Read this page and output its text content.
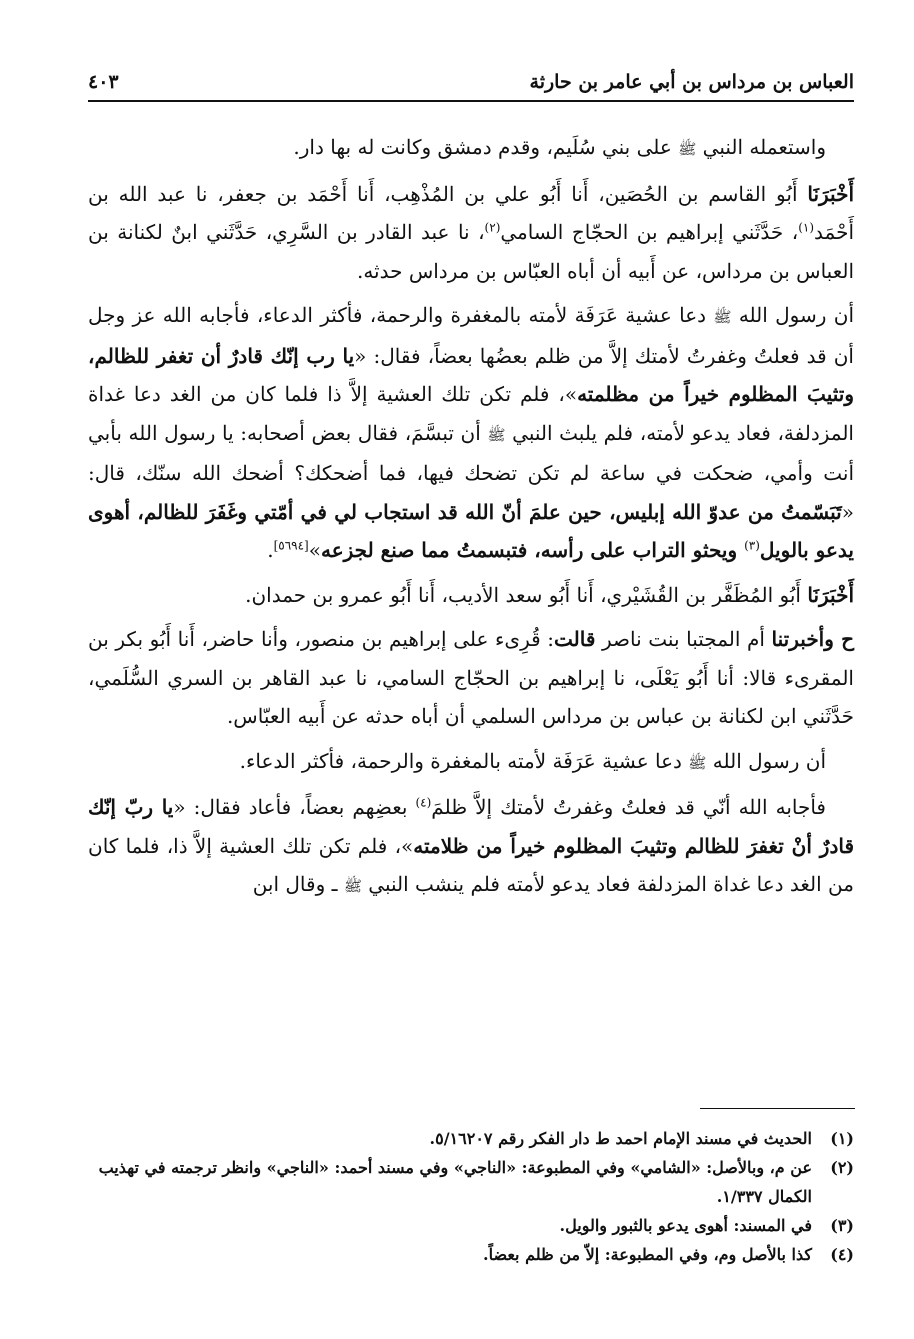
العباس بن مرداس بن أبي عامر بن حارثة
٤٠٣

واستعمله النبي ﷺ على بني سُلَيم، وقدم دمشق وكانت له بها دار.

أَخْبَرَنَا أَبُو القاسم بن الحُصَين، أَنا أَبُو علي بن المُذْهِب، أَنا أَحْمَد بن جعفر، نا عبد الله بن أَحْمَد$^{(١)}$، حَدَّثَني إبراهيم بن الحجّاج السامي$^{(٢)}$، نا عبد القادر بن السَّرِي، حَدَّثَني ابنٌ لكنانة بن العباس بن مرداس، عن أَبيه أن أباه العبّاس بن مرداس حدثه.

أن رسول الله ﷺ دعا عشية عَرَفَة لأمته بالمغفرة والرحمة، فأكثر الدعاء، فأجابه الله عز وجل أن قد فعلتُ وغفرتُ لأمتك إلاَّ من ظلم بعضُها بعضاً، فقال: «يا رب إنّك قادرٌ أن تغفر للظالم، وتثيبَ المظلوم خيراً من مظلمته»، فلم تكن تلك العشية إلاَّ ذا فلما كان من الغد دعا غداة المزدلفة، فعاد يدعو لأمته، فلم يلبث النبي ﷺ أن تبسَّمَ، فقال بعض أصحابه: يا رسول الله بأبي أنت وأمي، ضحكت في ساعة لم تكن تضحك فيها، فما أضحكك؟ أضحك الله سنّك، قال: «تَبَسّمتُ من عدوّ الله إبليس، حين علمَ أنّ الله قد استجاب لي في أمّتي وغَفَرَ للظالم، أهوى يدعو بالويل$^{(٣)}$ ويحثو التراب على رأسه، فتبسمتُ مما صنع لجزعه»[٥٦٩٤].

أَخْبَرَنَا أَبُو المُظَفَّر بن القُشَيْري، أَنا أَبُو سعد الأديب، أَنا أَبُو عمرو بن حمدان.

ح وأخبرتنا أم المجتبا بنت ناصر قالت: قُرِىء على إبراهيم بن منصور، وأنا حاضر، أَنا أَبُو بكر بن المقرىء قالا: أنا أَبُو يَعْلَى، نا إبراهيم بن الحجّاج السامي، نا عبد القاهر بن السري السُّلَمي، حَدَّثَني ابن لكنانة بن عباس بن مرداس السلمي أن أباه حدثه عن أَبيه العبّاس.

أن رسول الله ﷺ دعا عشية عَرَفَة لأمته بالمغفرة والرحمة، فأكثر الدعاء.

فأجابه الله أنّي قد فعلتُ وغفرتُ لأمتك إلاَّ ظلمَ$^{(٤)}$ بعضِهم بعضاً، فأعاد فقال: «يا ربّ إنّك قادرٌ أنْ تغفرَ للظالم وتثيبَ المظلوم خيراً من ظلامته»، فلم تكن تلك العشية إلاَّ ذا، فلما كان من الغد دعا غداة المزدلفة فعاد يدعو لأمته فلم ينشب النبي ﷺ ـ وقال ابن

(١)
الحديث في مسند الإمام احمد ط دار الفكر رقم ٥/١٦٢٠٧.
(٢)
عن م، وبالأصل: «الشامي» وفي المطبوعة: «الناجي» وفي مسند أحمد: «الناجي» وانظر ترجمته في تهذيب الكمال ١/٣٣٧.
(٣)
في المسند: أهوى يدعو بالثبور والويل.
(٤)
كذا بالأصل وم، وفي المطبوعة: إلاّ من ظلم بعضاً.
